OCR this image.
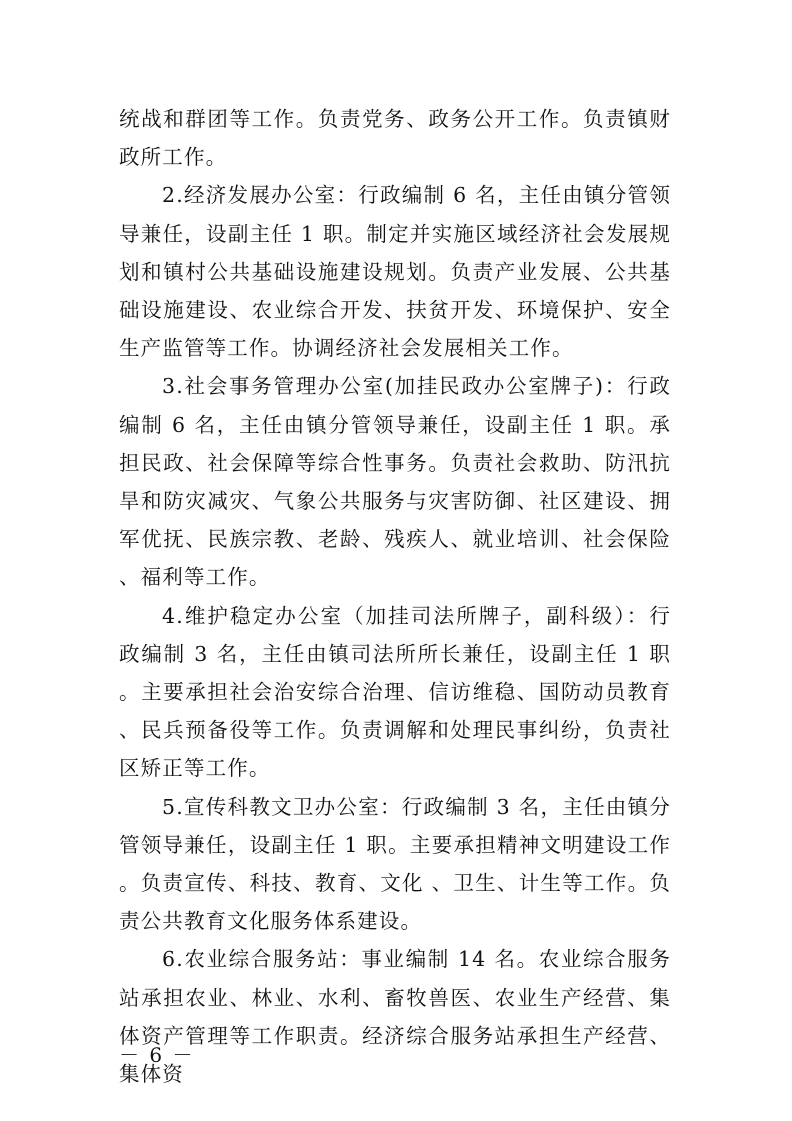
统战和群团等工作。负责党务、政务公开工作。负责镇财政所工作。

2.经济发展办公室：行政编制 6 名，主任由镇分管领导兼任，设副主任 1 职。制定并实施区域经济社会发展规划和镇村公共基础设施建设规划。负责产业发展、公共基础设施建设、农业综合开发、扶贫开发、环境保护、安全生产监管等工作。协调经济社会发展相关工作。

3.社会事务管理办公室(加挂民政办公室牌子)：行政编制 6 名，主任由镇分管领导兼任，设副主任 1 职。承担民政、社会保障等综合性事务。负责社会救助、防汛抗旱和防灾减灾、气象公共服务与灾害防御、社区建设、拥军优抚、民族宗教、老龄、残疾人、就业培训、社会保险、福利等工作。

4.维护稳定办公室（加挂司法所牌子，副科级）：行政编制 3 名，主任由镇司法所所长兼任，设副主任 1 职。主要承担社会治安综合治理、信访维稳、国防动员教育、民兵预备役等工作。负责调解和处理民事纠纷，负责社区矫正等工作。

5.宣传科教文卫办公室：行政编制 3 名，主任由镇分管领导兼任，设副主任 1 职。主要承担精神文明建设工作。负责宣传、科技、教育、文化 、卫生、计生等工作。负责公共教育文化服务体系建设。

6.农业综合服务站：事业编制 14 名。农业综合服务站承担农业、林业、水利、畜牧兽医、农业生产经营、集体资产管理等工作职责。经济综合服务站承担生产经营、集体资

－ 6 －
